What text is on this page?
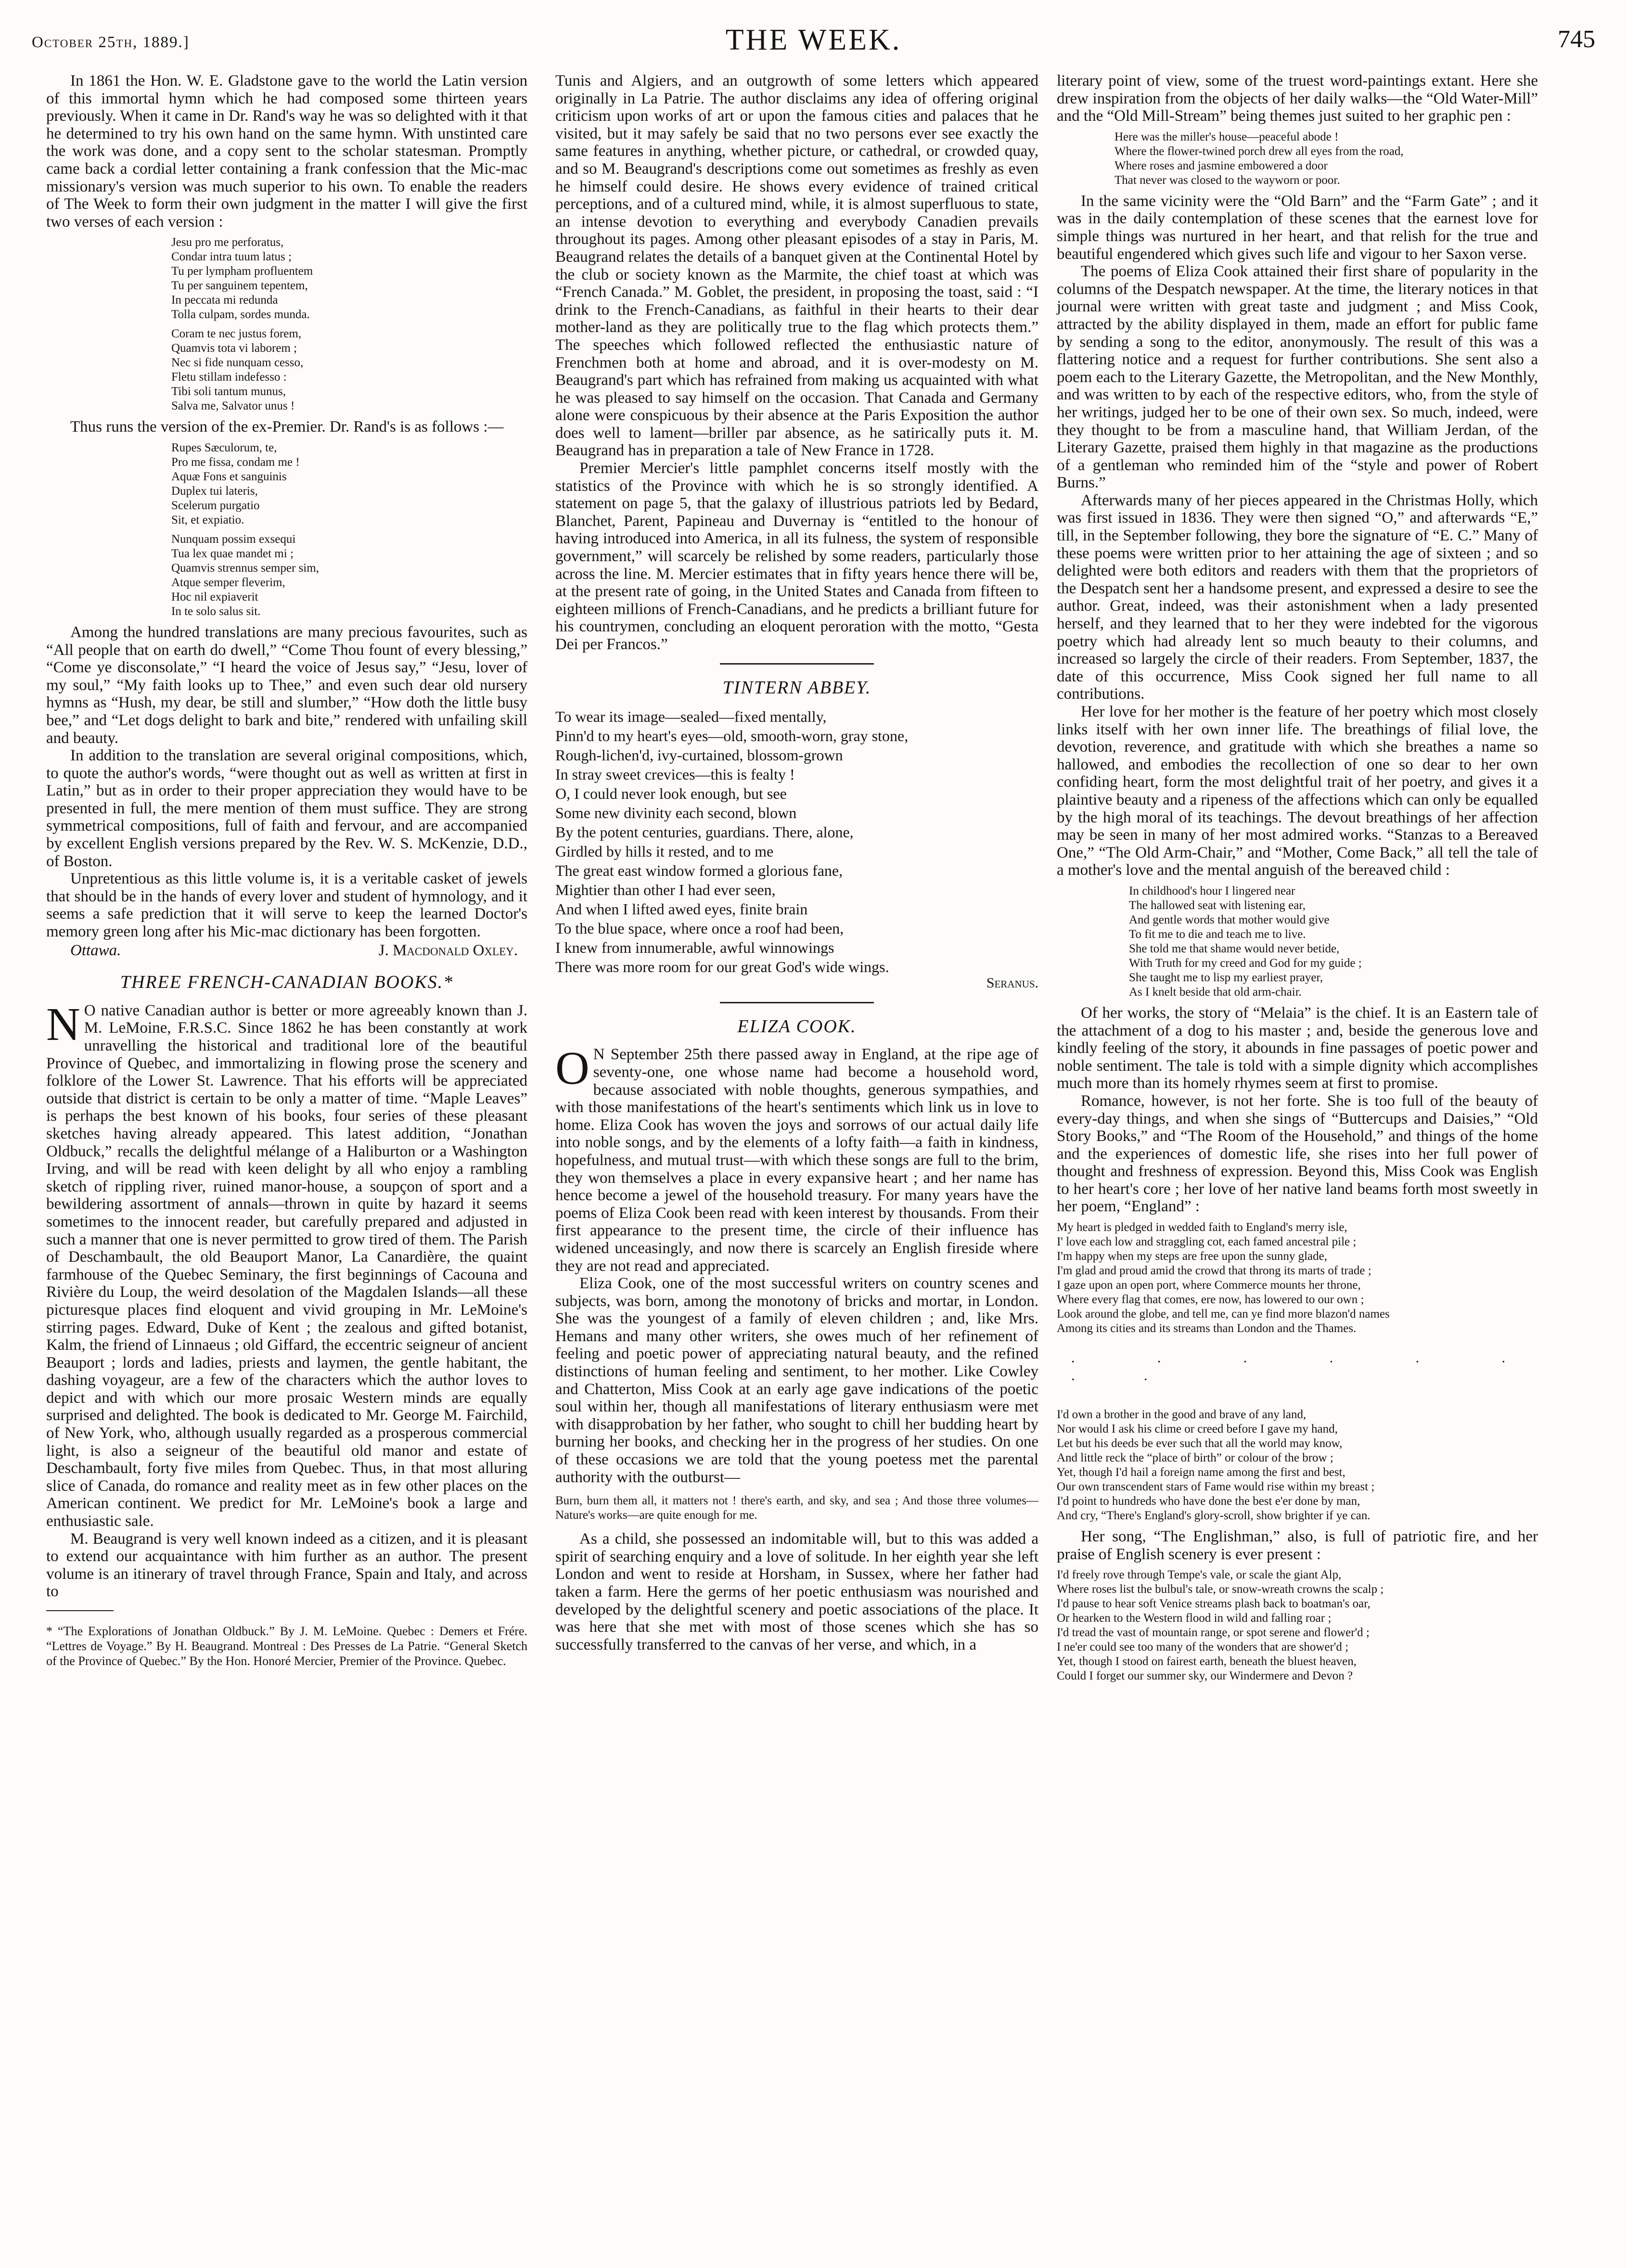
October 25th, 1889.]	THE WEEK.	745

In 1861 the Hon. W. E. Gladstone gave to the world the Latin version of this immortal hymn which he had composed some thirteen years previously. When it came in Dr. Rand's way he was so delighted with it that he determined to try his own hand on the same hymn. With unstinted care the work was done, and a copy sent to the scholar statesman. Promptly came back a cordial letter containing a frank confession that the Mic-mac missionary's version was much superior to his own. To enable the readers of The Week to form their own judgment in the matter I will give the first two verses of each version :

Jesu pro me perforatus,
Condar intra tuum latus ;
Tu per lympham profluentem
Tu per sanguinem tepentem,
In peccata mi redunda
Tolla culpam, sordes munda.
Coram te nec justus forem,
Quamvis tota vi laborem ;
Nec si fide nunquam cesso,
Fletu stillam indefesso :
Tibi soli tantum munus,
Salva me, Salvator unus !

Thus runs the version of the ex-Premier. Dr. Rand's is as follows :—

Rupes Sæculorum, te,
Pro me fissa, condam me !
Aquæ Fons et sanguinis
Duplex tui lateris,
Scelerum purgatio
Sit, et expiatio.
Nunquam possim exsequi
Tua lex quae mandet mi ;
Quamvis strennus semper sim,
Atque semper fleverim,
Hoc nil expiaverit
In te solo salus sit.

Among the hundred translations are many precious favourites, such as “All people that on earth do dwell,” “Come Thou fount of every blessing,” “Come ye disconsolate,” “I heard the voice of Jesus say,” “Jesu, lover of my soul,” “My faith looks up to Thee,” and even such dear old nursery hymns as “Hush, my dear, be still and slumber,” “How doth the little busy bee,” and “Let dogs delight to bark and bite,” rendered with unfailing skill and beauty.

In addition to the translation are several original compositions, which, to quote the author's words, “were thought out as well as written at first in Latin,” but as in order to their proper appreciation they would have to be presented in full, the mere mention of them must suffice. They are strong symmetrical compositions, full of faith and fervour, and are accompanied by excellent English versions prepared by the Rev. W. S. McKenzie, D.D., of Boston.

Unpretentious as this little volume is, it is a veritable casket of jewels that should be in the hands of every lover and student of hymnology, and it seems a safe prediction that it will serve to keep the learned Doctor's memory green long after his Mic-mac dictionary has been forgotten.

Ottawa.	J. Macdonald Oxley.
THREE FRENCH-CANADIAN BOOKS.*

N O native Canadian author is better or more agreeably known than J. M. LeMoine, F.R.S.C. Since 1862 he has been constantly at work unravelling the historical and traditional lore of the beautiful Province of Quebec, and immortalizing in flowing prose the scenery and folklore of the Lower St. Lawrence. That his efforts will be appreciated outside that district is certain to be only a matter of time. “Maple Leaves” is perhaps the best known of his books, four series of these pleasant sketches having already appeared. This latest addition, “Jonathan Oldbuck,” recalls the delightful mélange of a Haliburton or a Washington Irving, and will be read with keen delight by all who enjoy a rambling sketch of rippling river, ruined manor-house, a soupçon of sport and a bewildering assortment of annals—thrown in quite by hazard it seems sometimes to the innocent reader, but carefully prepared and adjusted in such a manner that one is never permitted to grow tired of them. The Parish of Deschambault, the old Beauport Manor, La Canardière, the quaint farmhouse of the Quebec Seminary, the first beginnings of Cacouna and Rivière du Loup, the weird desolation of the Magdalen Islands—all these picturesque places find eloquent and vivid grouping in Mr. LeMoine's stirring pages. Edward, Duke of Kent ; the zealous and gifted botanist, Kalm, the friend of Linnaeus ; old Giffard, the eccentric seigneur of ancient Beauport ; lords and ladies, priests and laymen, the gentle habitant, the dashing voyageur, are a few of the characters which the author loves to depict and with which our more prosaic Western minds are equally surprised and delighted. The book is dedicated to Mr. George M. Fairchild, of New York, who, although usually regarded as a prosperous commercial light, is also a seigneur of the beautiful old manor and estate of Deschambault, forty five miles from Quebec. Thus, in that most alluring slice of Canada, do romance and reality meet as in few other places on the American continent. We predict for Mr. LeMoine's book a large and enthusiastic sale.

M. Beaugrand is very well known indeed as a citizen, and it is pleasant to extend our acquaintance with him further as an author. The present volume is an itinerary of travel through France, Spain and Italy, and across to

* “The Explorations of Jonathan Oldbuck.” By J. M. LeMoine. Quebec : Demers et Frére. “Lettres de Voyage.” By H. Beaugrand. Montreal : Des Presses de La Patrie. “General Sketch of the Province of Quebec.” By the Hon. Honoré Mercier, Premier of the Province. Quebec.

Tunis and Algiers, and an outgrowth of some letters which appeared originally in La Patrie. The author disclaims any idea of offering original criticism upon works of art or upon the famous cities and palaces that he visited, but it may safely be said that no two persons ever see exactly the same features in anything, whether picture, or cathedral, or crowded quay, and so M. Beaugrand's descriptions come out sometimes as freshly as even he himself could desire. He shows every evidence of trained critical perceptions, and of a cultured mind, while, it is almost superfluous to state, an intense devotion to everything and everybody Canadien prevails throughout its pages. Among other pleasant episodes of a stay in Paris, M. Beaugrand relates the details of a banquet given at the Continental Hotel by the club or society known as the Marmite, the chief toast at which was “French Canada.” M. Goblet, the president, in proposing the toast, said : “I drink to the French-Canadians, as faithful in their hearts to their dear mother-land as they are politically true to the flag which protects them.” The speeches which followed reflected the enthusiastic nature of Frenchmen both at home and abroad, and it is over-modesty on M. Beaugrand's part which has refrained from making us acquainted with what he was pleased to say himself on the occasion. That Canada and Germany alone were conspicuous by their absence at the Paris Exposition the author does well to lament—briller par absence, as he satirically puts it. M. Beaugrand has in preparation a tale of New France in 1728.

Premier Mercier's little pamphlet concerns itself mostly with the statistics of the Province with which he is so strongly identified. A statement on page 5, that the galaxy of illustrious patriots led by Bedard, Blanchet, Parent, Papineau and Duvernay is “entitled to the honour of having introduced into America, in all its fulness, the system of responsible government,” will scarcely be relished by some readers, particularly those across the line. M. Mercier estimates that in fifty years hence there will be, at the present rate of going, in the United States and Canada from fifteen to eighteen millions of French-Canadians, and he predicts a brilliant future for his countrymen, concluding an eloquent peroration with the motto, “Gesta Dei per Francos.”

TINTERN ABBEY.
To wear its image—sealed—fixed mentally,
Pinn'd to my heart's eyes—old, smooth-worn, gray stone,
Rough-lichen'd, ivy-curtained, blossom-grown
In stray sweet crevices—this is fealty !
O, I could never look enough, but see
Some new divinity each second, blown
By the potent centuries, guardians. There, alone,
Girdled by hills it rested, and to me
The great east window formed a glorious fane,
Mightier than other I had ever seen,
And when I lifted awed eyes, finite brain
To the blue space, where once a roof had been,
I knew from innumerable, awful winnowings
There was more room for our great God's wide wings.
Seranus.
ELIZA COOK.

O N September 25th there passed away in England, at the ripe age of seventy-one, one whose name had become a household word, because associated with noble thoughts, generous sympathies, and with those manifestations of the heart's sentiments which link us in love to home. Eliza Cook has woven the joys and sorrows of our actual daily life into noble songs, and by the elements of a lofty faith—a faith in kindness, hopefulness, and mutual trust—with which these songs are full to the brim, they won themselves a place in every expansive heart ; and her name has hence become a jewel of the household treasury. For many years have the poems of Eliza Cook been read with keen interest by thousands. From their first appearance to the present time, the circle of their influence has widened unceasingly, and now there is scarcely an English fireside where they are not read and appreciated.

Eliza Cook, one of the most successful writers on country scenes and subjects, was born, among the monotony of bricks and mortar, in London. She was the youngest of a family of eleven children ; and, like Mrs. Hemans and many other writers, she owes much of her refinement of feeling and poetic power of appreciating natural beauty, and the refined distinctions of human feeling and sentiment, to her mother. Like Cowley and Chatterton, Miss Cook at an early age gave indications of the poetic soul within her, though all manifestations of literary enthusiasm were met with disapprobation by her father, who sought to chill her budding heart by burning her books, and checking her in the progress of her studies. On one of these occasions we are told that the young poetess met the parental authority with the outburst—

Burn, burn them all, it matters not ! there's earth, and sky, and sea ; And those three volumes—Nature's works—are quite enough for me.

As a child, she possessed an indomitable will, but to this was added a spirit of searching enquiry and a love of solitude. In her eighth year she left London and went to reside at Horsham, in Sussex, where her father had taken a farm. Here the germs of her poetic enthusiasm was nourished and developed by the delightful scenery and poetic associations of the place. It was here that she met with most of those scenes which she has so successfully transferred to the canvas of her verse, and which, in a

literary point of view, some of the truest word-paintings extant. Here she drew inspiration from the objects of her daily walks—the “Old Water-Mill” and the “Old Mill-Stream” being themes just suited to her graphic pen :

Here was the miller's house—peaceful abode !
Where the flower-twined porch drew all eyes from the road,
Where roses and jasmine embowered a door
That never was closed to the wayworn or poor.

In the same vicinity were the “Old Barn” and the “Farm Gate” ; and it was in the daily contemplation of these scenes that the earnest love for simple things was nurtured in her heart, and that relish for the true and beautiful engendered which gives such life and vigour to her Saxon verse.

The poems of Eliza Cook attained their first share of popularity in the columns of the Despatch newspaper. At the time, the literary notices in that journal were written with great taste and judgment ; and Miss Cook, attracted by the ability displayed in them, made an effort for public fame by sending a song to the editor, anonymously. The result of this was a flattering notice and a request for further contributions. She sent also a poem each to the Literary Gazette, the Metropolitan, and the New Monthly, and was written to by each of the respective editors, who, from the style of her writings, judged her to be one of their own sex. So much, indeed, were they thought to be from a masculine hand, that William Jerdan, of the Literary Gazette, praised them highly in that magazine as the productions of a gentleman who reminded him of the “style and power of Robert Burns.”

Afterwards many of her pieces appeared in the Christmas Holly, which was first issued in 1836. They were then signed “O,” and afterwards “E,” till, in the September following, they bore the signature of “E. C.” Many of these poems were written prior to her attaining the age of sixteen ; and so delighted were both editors and readers with them that the proprietors of the Despatch sent her a handsome present, and expressed a desire to see the author. Great, indeed, was their astonishment when a lady presented herself, and they learned that to her they were indebted for the vigorous poetry which had already lent so much beauty to their columns, and increased so largely the circle of their readers. From September, 1837, the date of this occurrence, Miss Cook signed her full name to all contributions.

Her love for her mother is the feature of her poetry which most closely links itself with her own inner life. The breathings of filial love, the devotion, reverence, and gratitude with which she breathes a name so hallowed, and embodies the recollection of one so dear to her own confiding heart, form the most delightful trait of her poetry, and gives it a plaintive beauty and a ripeness of the affections which can only be equalled by the high moral of its teachings. The devout breathings of her affection may be seen in many of her most admired works. “Stanzas to a Bereaved One,” “The Old Arm-Chair,” and “Mother, Come Back,” all tell the tale of a mother's love and the mental anguish of the bereaved child :

In childhood's hour I lingered near
The hallowed seat with listening ear,
And gentle words that mother would give
To fit me to die and teach me to live.
She told me that shame would never betide,
With Truth for my creed and God for my guide ;
She taught me to lisp my earliest prayer,
As I knelt beside that old arm-chair.

Of her works, the story of “Melaia” is the chief. It is an Eastern tale of the attachment of a dog to his master ; and, beside the generous love and kindly feeling of the story, it abounds in fine passages of poetic power and noble sentiment. The tale is told with a simple dignity which accomplishes much more than its homely rhymes seem at first to promise.

Romance, however, is not her forte. She is too full of the beauty of every-day things, and when she sings of “Buttercups and Daisies,” “Old Story Books,” and “The Room of the Household,” and things of the home and the experiences of domestic life, she rises into her full power of thought and freshness of expression. Beyond this, Miss Cook was English to her heart's core ; her love of her native land beams forth most sweetly in her poem, “England” :

My heart is pledged in wedded faith to England's merry isle,
I' love each low and straggling cot, each famed ancestral pile ;
I'm happy when my steps are free upon the sunny glade,
I'm glad and proud amid the crowd that throng its marts of trade ;
I gaze upon an open port, where Commerce mounts her throne,
Where every flag that comes, ere now, has lowered to our own ;
Look around the globe, and tell me, can ye find more blazon'd names
Among its cities and its streams than London and the Thames.
. . . . . . . .
I'd own a brother in the good and brave of any land,
Nor would I ask his clime or creed before I gave my hand,
Let but his deeds be ever such that all the world may know,
And little reck the “place of birth” or colour of the brow ;
Yet, though I'd hail a foreign name among the first and best,
Our own transcendent stars of Fame would rise within my breast ;
I'd point to hundreds who have done the best e'er done by man,
And cry, “There's England's glory-scroll, show brighter if ye can.

Her song, “The Englishman,” also, is full of patriotic fire, and her praise of English scenery is ever present :

I'd freely rove through Tempe's vale, or scale the giant Alp,
Where roses list the bulbul's tale, or snow-wreath crowns the scalp ;
I'd pause to hear soft Venice streams plash back to boatman's oar,
Or hearken to the Western flood in wild and falling roar ;
I'd tread the vast of mountain range, or spot serene and flower'd ;
I ne'er could see too many of the wonders that are shower'd ;
Yet, though I stood on fairest earth, beneath the bluest heaven,
Could I forget our summer sky, our Windermere and Devon ?
